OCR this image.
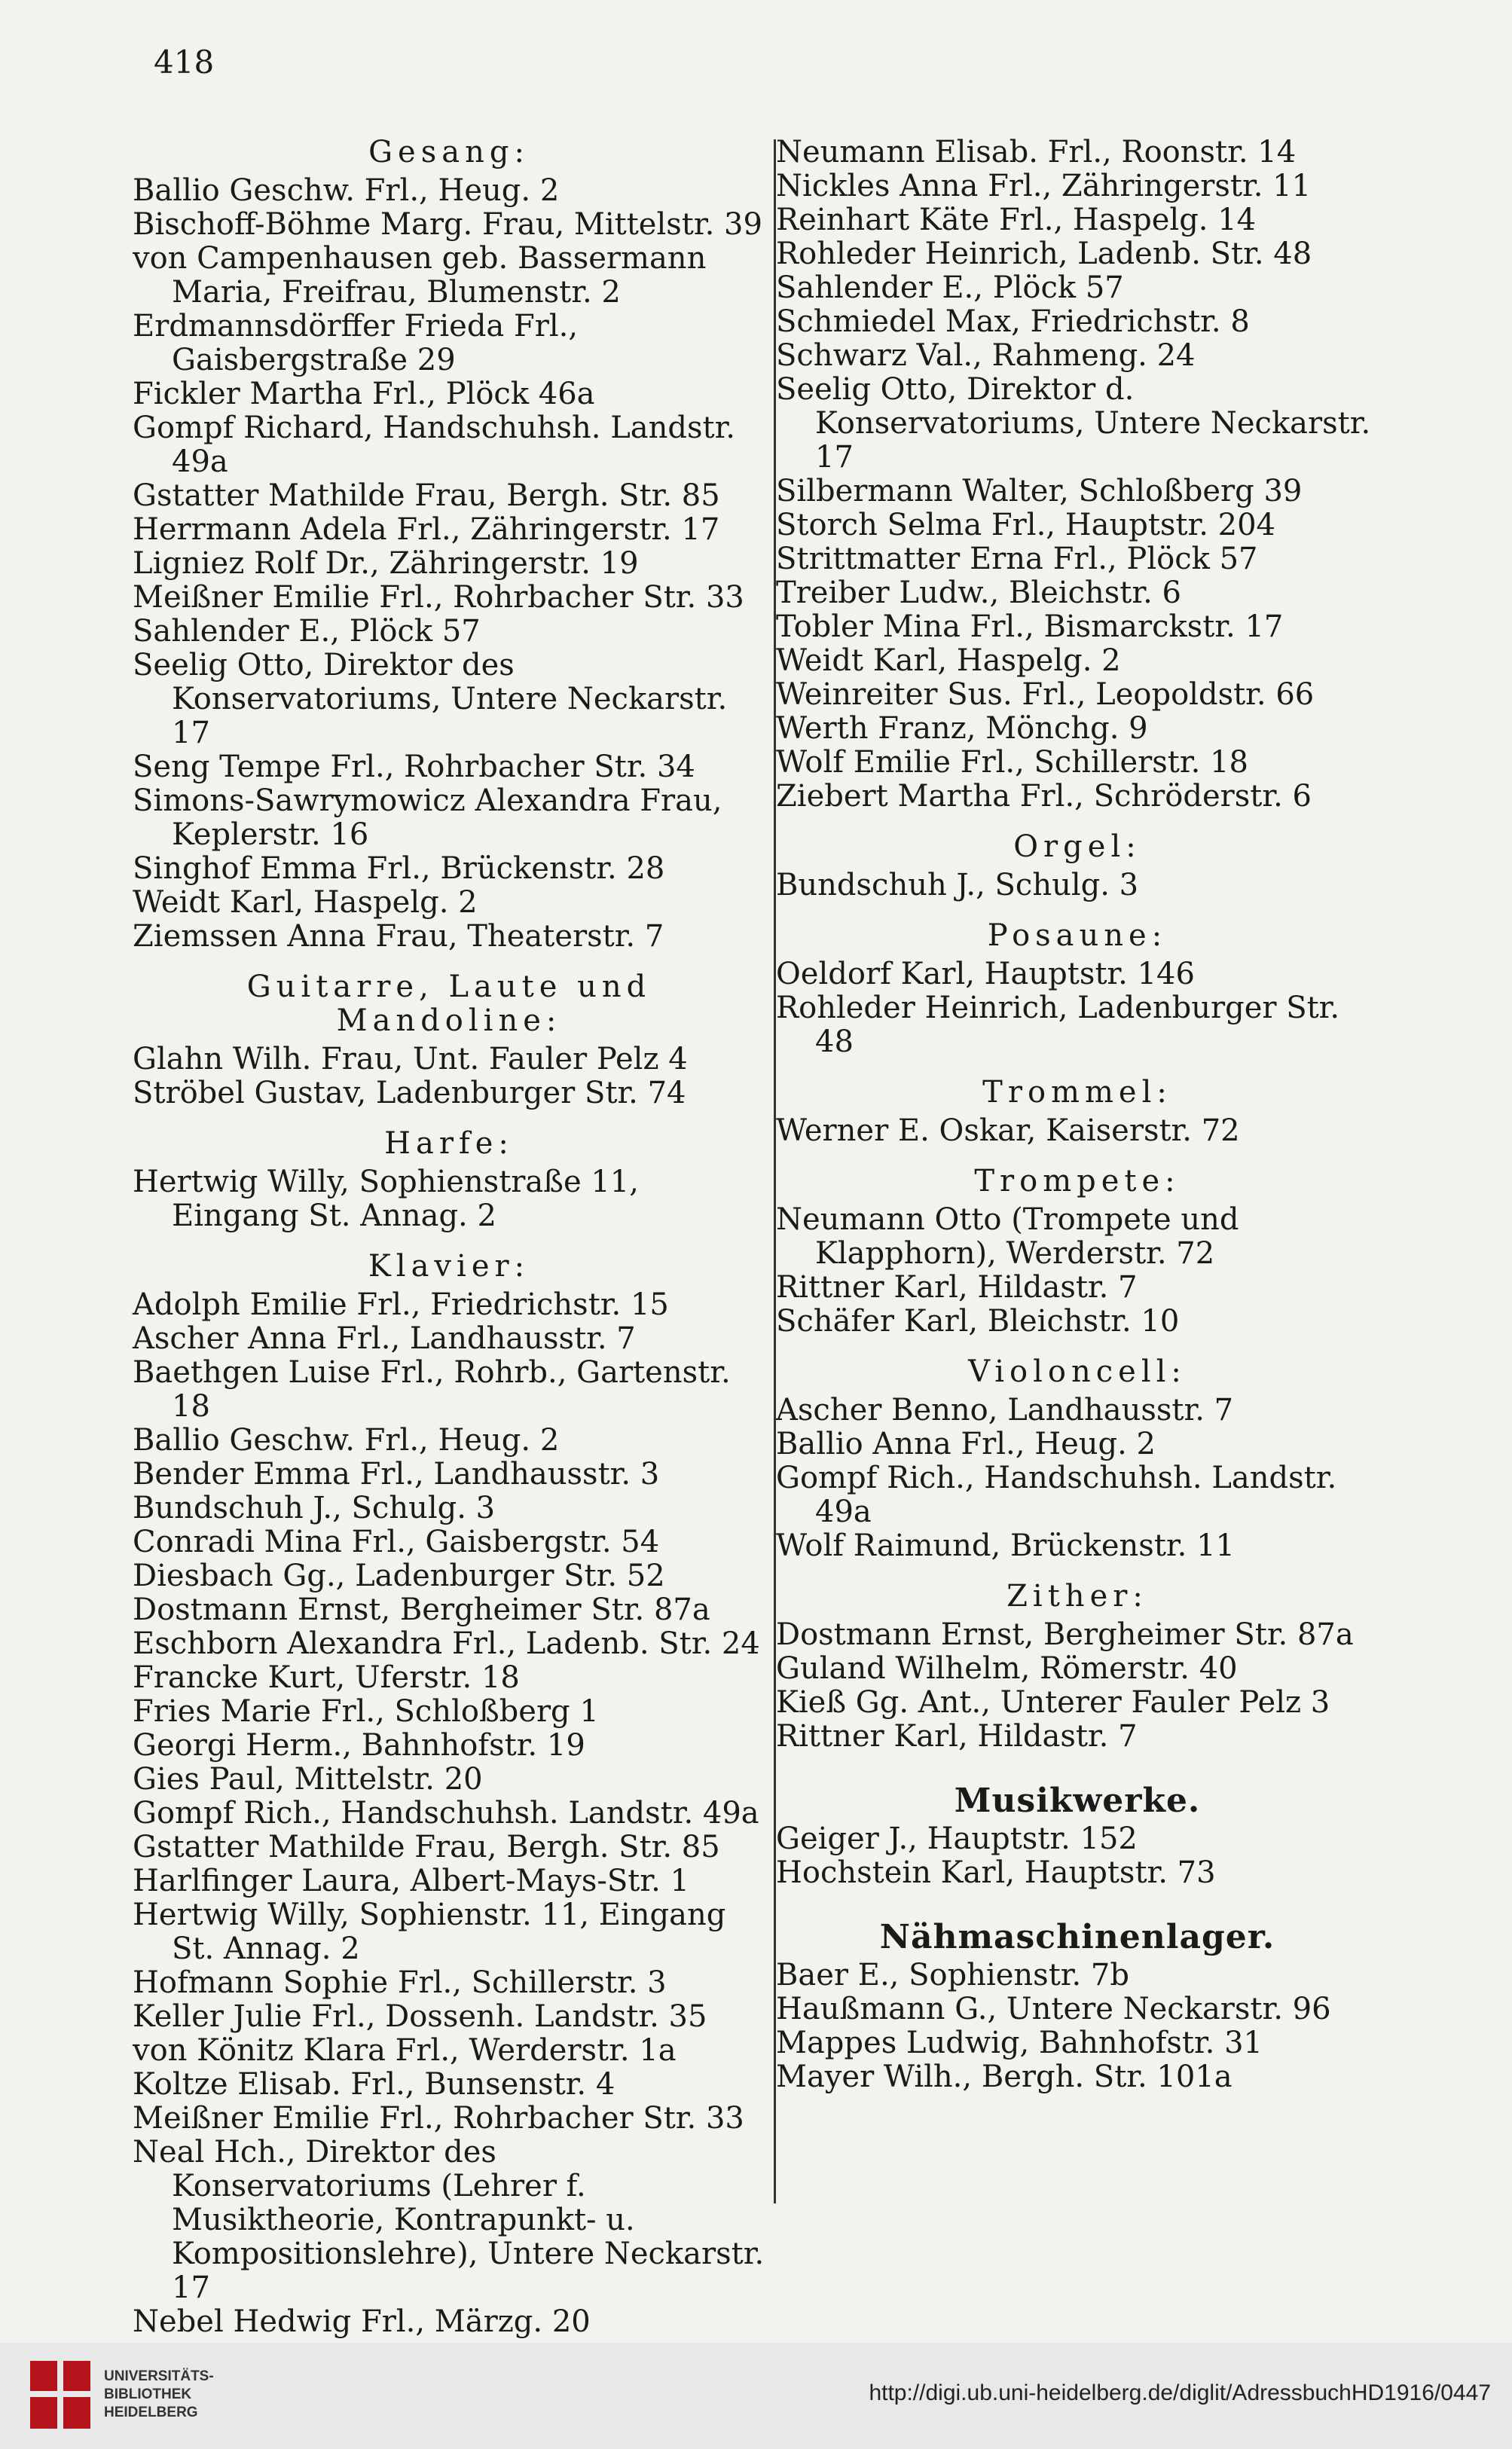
418
Gesang:
Ballio Geschw. Frl., Heug. 2
Bischoff-Böhme Marg. Frau, Mittelstr. 39
von Campenhausen geb. Bassermann Maria, Freifrau, Blumenstr. 2
Erdmannsdörffer Frieda Frl., Gaisbergstraße 29
Fickler Martha Frl., Plöck 46a
Gompf Richard, Handschuhsh. Landstr. 49a
Gstatter Mathilde Frau, Bergh. Str. 85
Herrmann Adela Frl., Zähringerstr. 17
Ligniez Rolf Dr., Zähringerstr. 19
Meißner Emilie Frl., Rohrbacher Str. 33
Sahlender E., Plöck 57
Seelig Otto, Direktor des Konservatoriums, Untere Neckarstr. 17
Seng Tempe Frl., Rohrbacher Str. 34
Simons-Sawrymowicz Alexandra Frau, Keplerstr. 16
Singhof Emma Frl., Brückenstr. 28
Weidt Karl, Haspelg. 2
Ziemssen Anna Frau, Theaterstr. 7
Guitarre, Laute und Mandoline:
Glahn Wilh. Frau, Unt. Fauler Pelz 4
Ströbel Gustav, Ladenburger Str. 74
Harfe:
Hertwig Willy, Sophienstraße 11, Eingang St. Annag. 2
Klavier:
Adolph Emilie Frl., Friedrichstr. 15
Ascher Anna Frl., Landhausstr. 7
Baethgen Luise Frl., Rohrb., Gartenstr. 18
Ballio Geschw. Frl., Heug. 2
Bender Emma Frl., Landhausstr. 3
Bundschuh J., Schulg. 3
Conradi Mina Frl., Gaisbergstr. 54
Diesbach Gg., Ladenburger Str. 52
Dostmann Ernst, Bergheimer Str. 87a
Eschborn Alexandra Frl., Ladenb. Str. 24
Francke Kurt, Uferstr. 18
Fries Marie Frl., Schloßberg 1
Georgi Herm., Bahnhofstr. 19
Gies Paul, Mittelstr. 20
Gompf Rich., Handschuhsh. Landstr. 49a
Gstatter Mathilde Frau, Bergh. Str. 85
Harlfinger Laura, Albert-Mays-Str. 1
Hertwig Willy, Sophienstr. 11, Eingang St. Annag. 2
Hofmann Sophie Frl., Schillerstr. 3
Keller Julie Frl., Dossenh. Landstr. 35
von Könitz Klara Frl., Werderstr. 1a
Koltze Elisab. Frl., Bunsenstr. 4
Meißner Emilie Frl., Rohrbacher Str. 33
Neal Hch., Direktor des Konservatoriums (Lehrer f. Musiktheorie, Kontrapunkt- u. Kompositionslehre), Untere Neckarstr. 17
Nebel Hedwig Frl., Märzg. 20
Neumann Elisab. Frl., Roonstr. 14
Nickles Anna Frl., Zähringerstr. 11
Reinhart Käte Frl., Haspelg. 14
Rohleder Heinrich, Ladenb. Str. 48
Sahlender E., Plöck 57
Schmiedel Max, Friedrichstr. 8
Schwarz Val., Rahmeng. 24
Seelig Otto, Direktor d. Konservatoriums, Untere Neckarstr. 17
Silbermann Walter, Schloßberg 39
Storch Selma Frl., Hauptstr. 204
Strittmatter Erna Frl., Plöck 57
Treiber Ludw., Bleichstr. 6
Tobler Mina Frl., Bismarckstr. 17
Weidt Karl, Haspelg. 2
Weinreiter Sus. Frl., Leopoldstr. 66
Werth Franz, Mönchg. 9
Wolf Emilie Frl., Schillerstr. 18
Ziebert Martha Frl., Schröderstr. 6
Orgel:
Bundschuh J., Schulg. 3
Posaune:
Oeldorf Karl, Hauptstr. 146
Rohleder Heinrich, Ladenburger Str. 48
Trommel:
Werner E. Oskar, Kaiserstr. 72
Trompete:
Neumann Otto (Trompete und Klapphorn), Werderstr. 72
Rittner Karl, Hildastr. 7
Schäfer Karl, Bleichstr. 10
Violoncell:
Ascher Benno, Landhausstr. 7
Ballio Anna Frl., Heug. 2
Gompf Rich., Handschuhsh. Landstr. 49a
Wolf Raimund, Brückenstr. 11
Zither:
Dostmann Ernst, Bergheimer Str. 87a
Guland Wilhelm, Römerstr. 40
Kieß Gg. Ant., Unterer Fauler Pelz 3
Rittner Karl, Hildastr. 7
Musikwerke.
Geiger J., Hauptstr. 152
Hochstein Karl, Hauptstr. 73
Nähmaschinenlager.
Baer E., Sophienstr. 7b
Haußmann G., Untere Neckarstr. 96
Mappes Ludwig, Bahnhofstr. 31
Mayer Wilh., Bergh. Str. 101a
UNIVERSITÄTS-
BIBLIOTHEK
HEIDELBERG
http://digi.ub.uni-heidelberg.de/diglit/AdressbuchHD1916/0447
